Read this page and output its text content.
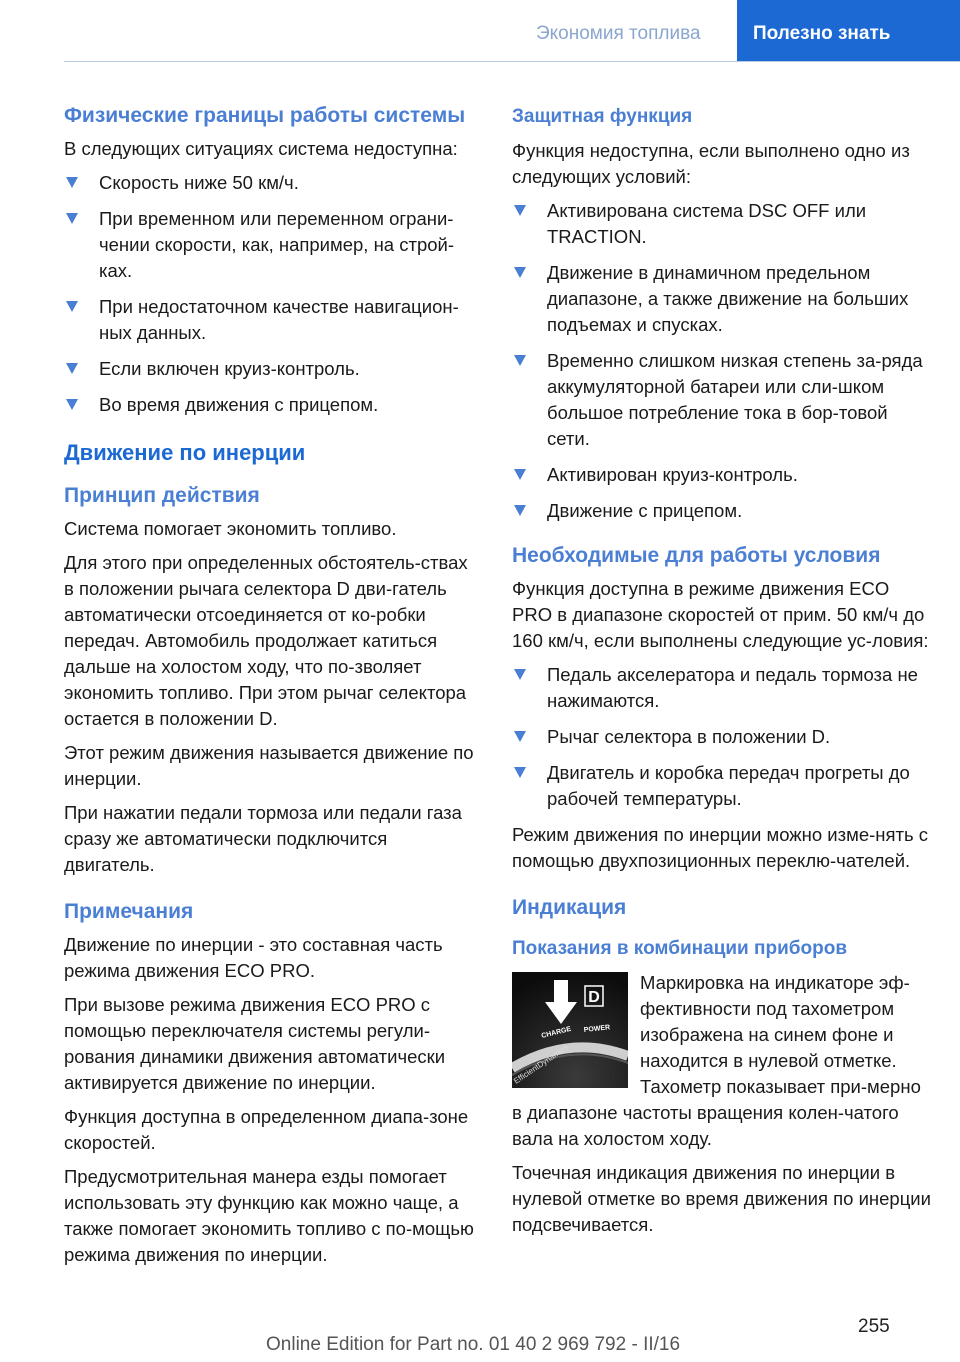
Экономия топлива	Полезно знать
Физические границы работы системы

В следующих ситуациях система недоступна:

Скорость ниже 50 км/ч.
При временном или переменном ограни-чении скорости, как, например, на строй-ках.
При недостаточном качестве навигацион-ных данных.
Если включен круиз-контроль.
Во время движения с прицепом.
Движение по инерции
Принцип действия

Система помогает экономить топливо.

Для этого при определенных обстоятель-ствах в положении рычага селектора D дви-гатель автоматически отсоединяется от ко-робки передач. Автомобиль продолжает катиться дальше на холостом ходу, что по-зволяет экономить топливо. При этом рычаг селектора остается в положении D.

Этот режим движения называется движение по инерции.

При нажатии педали тормоза или педали газа сразу же автоматически подключится двигатель.

Примечания

Движение по инерции - это составная часть режима движения ECO PRO.

При вызове режима движения ECO PRO с помощью переключателя системы регули-рования динамики движения автоматически активируется движение по инерции.

Функция доступна в определенном диапа-зоне скоростей.

Предусмотрительная манера езды помогает использовать эту функцию как можно чаще, а также помогает экономить топливо с по-мощью режима движения по инерции.

Защитная функция

Функция недоступна, если выполнено одно из следующих условий:

Активирована система DSC OFF или TRACTION.
Движение в динамичном предельном диапазоне, а также движение на больших подъемах и спусках.
Временно слишком низкая степень за-ряда аккумуляторной батареи или сли-шком большое потребление тока в бор-товой сети.
Активирован круиз-контроль.
Движение с прицепом.
Необходимые для работы условия

Функция доступна в режиме движения ECO PRO в диапазоне скоростей от прим. 50 км/ч до 160 км/ч, если выполнены следующие ус-ловия:

Педаль акселератора и педаль тормоза не нажимаются.
Рычаг селектора в положении D.
Двигатель и коробка передач прогреты до рабочей температуры.

Режим движения по инерции можно изме-нять с помощью двухпозиционных переклю-чателей.

Индикация
Показания в комбинации приборов
D
CHARGE POWER
EfficientDynamics

Маркировка на индикаторе эф-фективности под тахометром изображена на синем фоне и находится в нулевой отметке. Тахометр показывает при-мерно в диапазоне частоты вращения колен-чатого вала на холостом ходу.

Точечная индикация движения по инерции в нулевой отметке во время движения по инерции подсвечивается.

255
Online Edition for Part no. 01 40 2 969 792 - II/16
